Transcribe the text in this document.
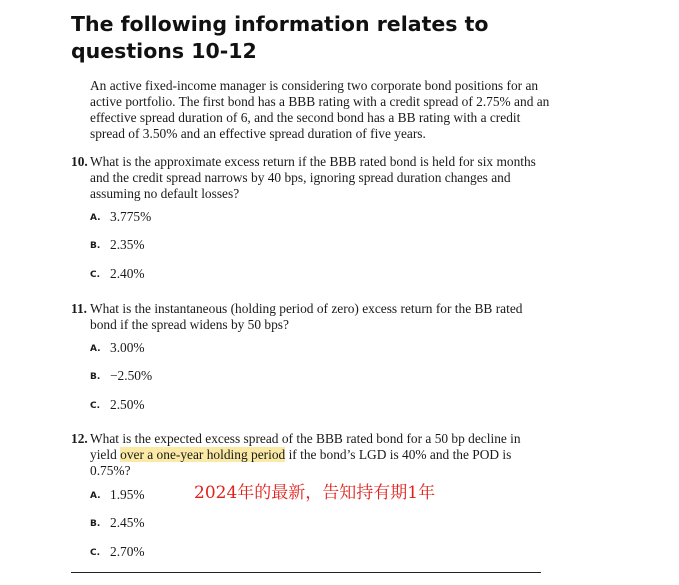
The following information relates to questions 10-12

An active fixed-income manager is considering two corporate bond positions for an active portfolio. The first bond has a BBB rating with a credit spread of 2.75% and an effective spread duration of 6, and the second bond has a BB rating with a credit spread of 3.50% and an effective spread duration of five years.

10. What is the approximate excess return if the BBB rated bond is held for six months and the credit spread narrows by 40 bps, ignoring spread duration changes and assuming no default losses?
A. 3.775%
B. 2.35%
C. 2.40%
11. What is the instantaneous (holding period of zero) excess return for the BB rated bond if the spread widens by 50 bps?
A. 3.00%
B. −2.50%
C. 2.50%
12. What is the expected excess spread of the BBB rated bond for a 50 bp decline in yield over a one-year holding period if the bond’s LGD is 40% and the POD is 0.75%?
A. 1.95%
B. 2.45%
C. 2.70%
2024年的最新，告知持有期1年
